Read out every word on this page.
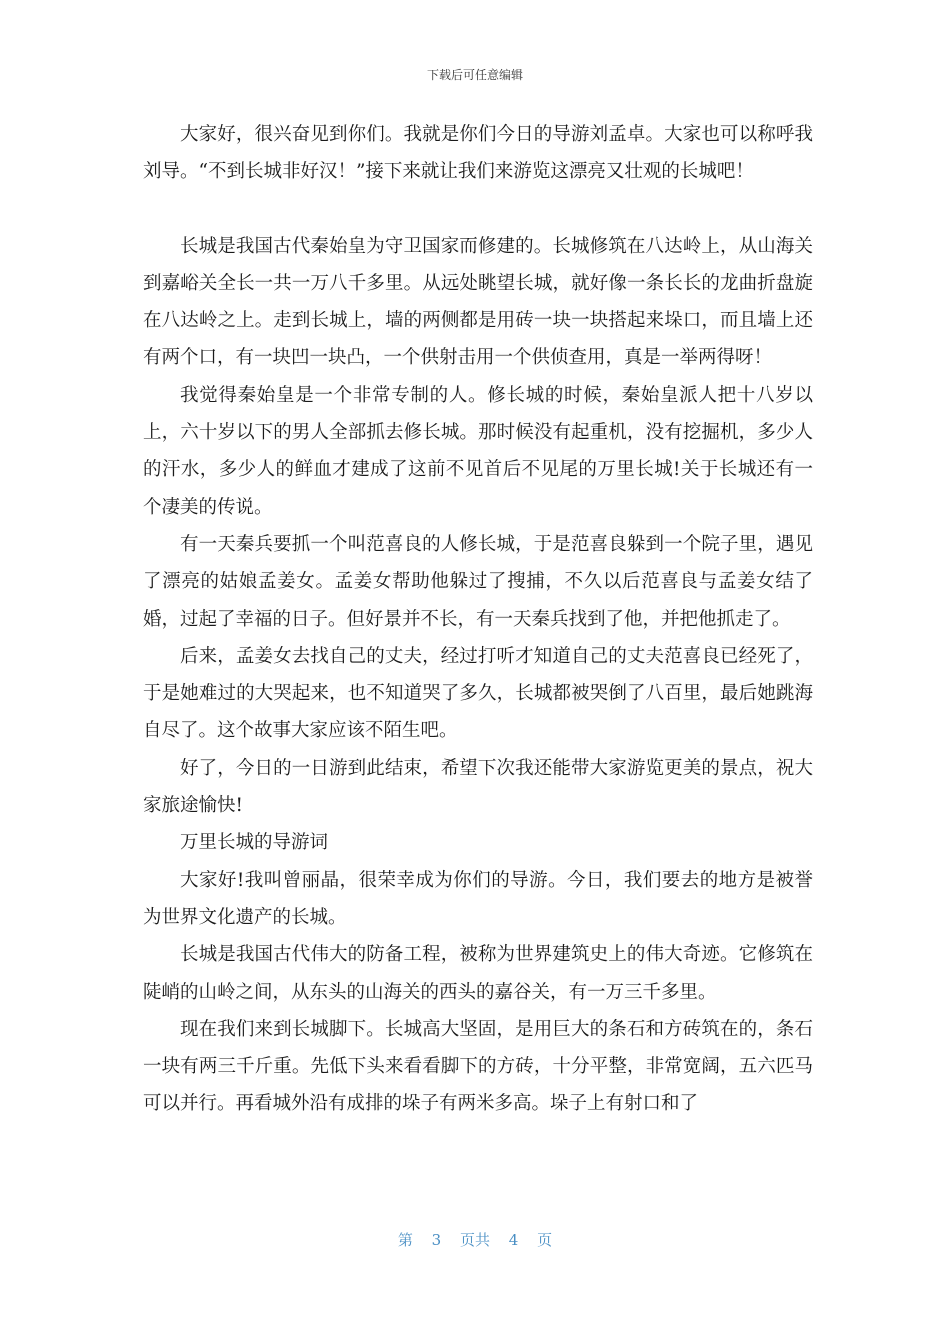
下载后可任意编辑

大家好，很兴奋见到你们。我就是你们今日的导游刘孟卓。大家也可以称呼我刘导。“不到长城非好汉！”接下来就让我们来游览这漂亮又壮观的长城吧！

长城是我国古代秦始皇为守卫国家而修建的。长城修筑在八达岭上，从山海关到嘉峪关全长一共一万八千多里。从远处眺望长城，就好像一条长长的龙曲折盘旋在八达岭之上。走到长城上，墙的两侧都是用砖一块一块搭起来垛口，而且墙上还有两个口，有一块凹一块凸，一个供射击用一个供侦查用，真是一举两得呀！

我觉得秦始皇是一个非常专制的人。修长城的时候，秦始皇派人把十八岁以上，六十岁以下的男人全部抓去修长城。那时候没有起重机，没有挖掘机，多少人的汗水，多少人的鲜血才建成了这前不见首后不见尾的万里长城!关于长城还有一个凄美的传说。

有一天秦兵要抓一个叫范喜良的人修长城，于是范喜良躲到一个院子里，遇见了漂亮的姑娘孟姜女。孟姜女帮助他躲过了搜捕，不久以后范喜良与孟姜女结了婚，过起了幸福的日子。但好景并不长，有一天秦兵找到了他，并把他抓走了。

后来，孟姜女去找自己的丈夫，经过打听才知道自己的丈夫范喜良已经死了，于是她难过的大哭起来，也不知道哭了多久，长城都被哭倒了八百里，最后她跳海自尽了。这个故事大家应该不陌生吧。

好了，今日的一日游到此结束，希望下次我还能带大家游览更美的景点，祝大家旅途愉快!

万里长城的导游词

大家好!我叫曾丽晶，很荣幸成为你们的导游。今日，我们要去的地方是被誉为世界文化遗产的长城。

长城是我国古代伟大的防备工程，被称为世界建筑史上的伟大奇迹。它修筑在陡峭的山岭之间，从东头的山海关的西头的嘉谷关，有一万三千多里。

现在我们来到长城脚下。长城高大坚固，是用巨大的条石和方砖筑在的，条石一块有两三千斤重。先低下头来看看脚下的方砖，十分平整，非常宽阔，五六匹马可以并行。再看城外沿有成排的垛子有两米多高。垛子上有射口和了

第 3 页共 4 页
